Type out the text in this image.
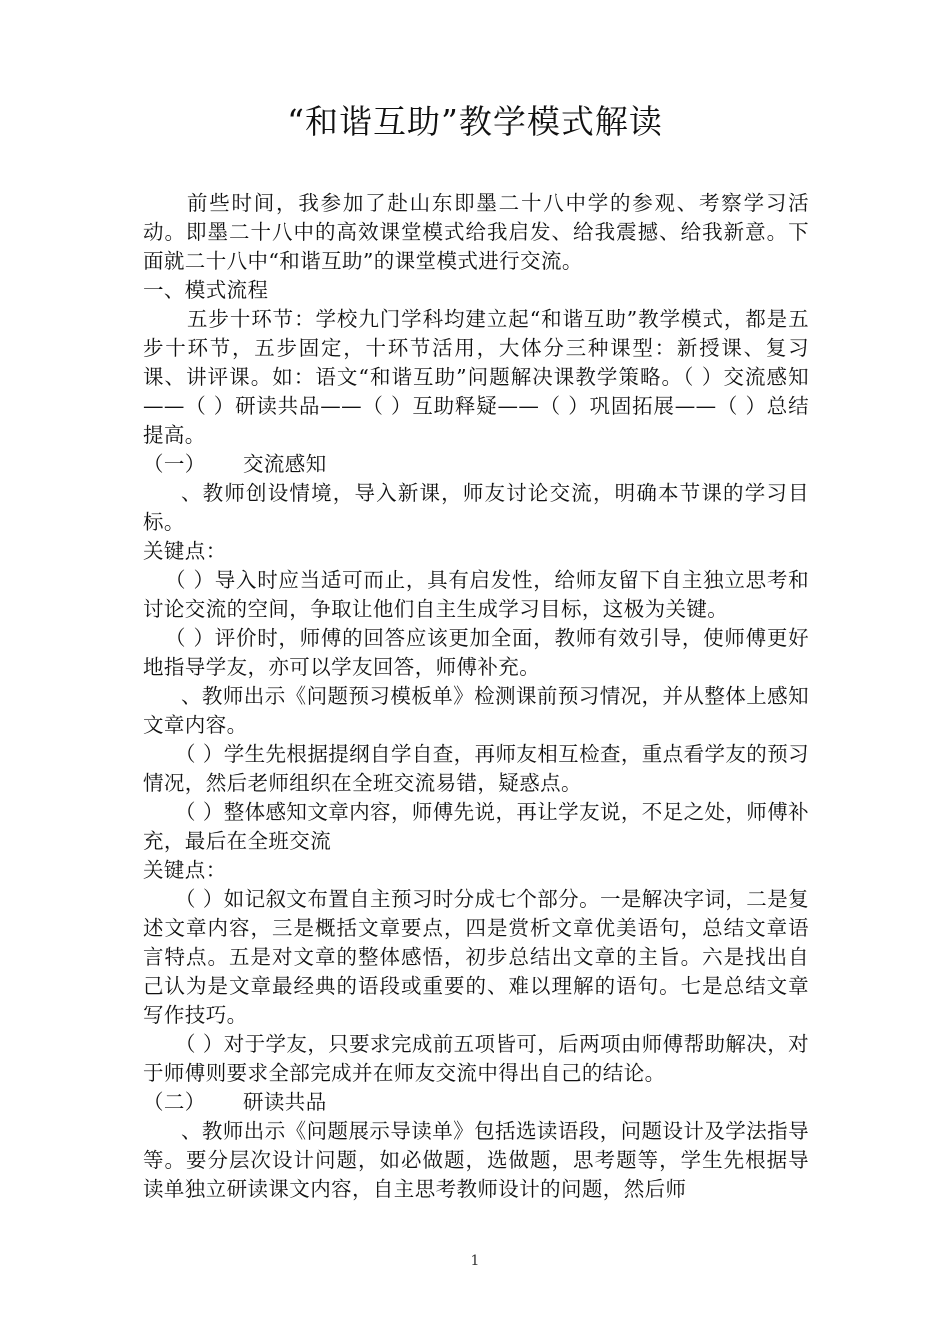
“和谐互助”教学模式解读

前些时间，我参加了赴山东即墨二十八中学的参观、考察学习活动。即墨二十八中的高效课堂模式给我启发、给我震撼、给我新意。下面就二十八中“和谐互助”的课堂模式进行交流。

一、模式流程

五步十环节：学校九门学科均建立起“和谐互助”教学模式，都是五步十环节，五步固定，十环节活用，大体分三种课型：新授课、复习课、讲评课。如：语文“和谐互助”问题解决课教学策略。（ ）交流感知——（ ）研读共品——（ ）互助释疑——（ ）巩固拓展——（ ）总结提高。

（一） 交流感知

、教师创设情境，导入新课，师友讨论交流，明确本节课的学习目标。

关键点：

（ ）导入时应当适可而止，具有启发性，给师友留下自主独立思考和讨论交流的空间，争取让他们自主生成学习目标，这极为关键。

（ ）评价时，师傅的回答应该更加全面，教师有效引导，使师傅更好地指导学友，亦可以学友回答，师傅补充。

、教师出示《问题预习模板单》检测课前预习情况，并从整体上感知文章内容。

（ ）学生先根据提纲自学自查，再师友相互检查，重点看学友的预习情况，然后老师组织在全班交流易错，疑惑点。

（ ）整体感知文章内容，师傅先说，再让学友说，不足之处，师傅补充，最后在全班交流

关键点：

（ ）如记叙文布置自主预习时分成七个部分。一是解决字词，二是复述文章内容，三是概括文章要点，四是赏析文章优美语句，总结文章语言特点。五是对文章的整体感悟，初步总结出文章的主旨。六是找出自己认为是文章最经典的语段或重要的、难以理解的语句。七是总结文章写作技巧。

（ ）对于学友，只要求完成前五项皆可，后两项由师傅帮助解决，对于师傅则要求全部完成并在师友交流中得出自己的结论。

（二） 研读共品

、教师出示《问题展示导读单》包括选读语段，问题设计及学法指导等。要分层次设计问题，如必做题，选做题，思考题等，学生先根据导读单独立研读课文内容，自主思考教师设计的问题，然后师

1
